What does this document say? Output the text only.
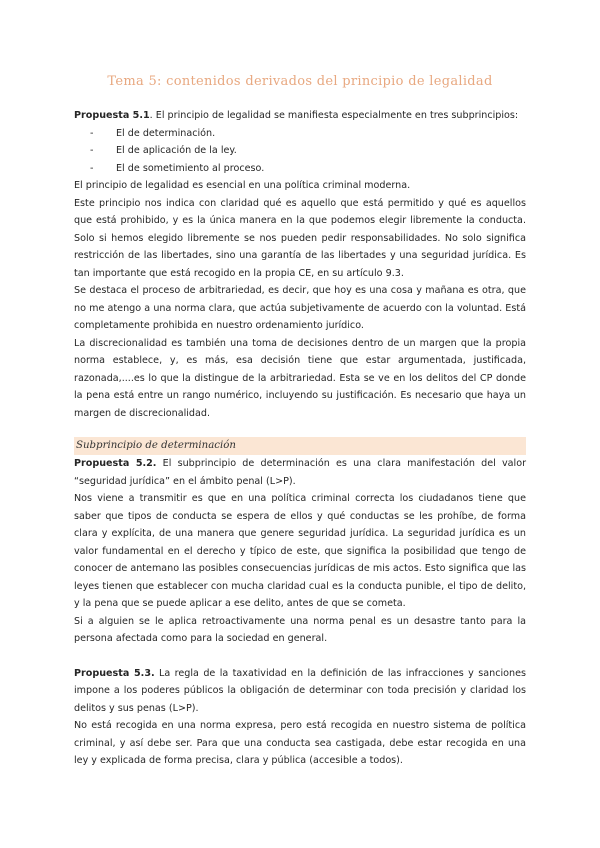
Tema 5: contenidos derivados del principio de legalidad

Propuesta 5.1. El principio de legalidad se manifiesta especialmente en tres subprincipios:

- El de determinación.
- El de aplicación de la ley.
- El de sometimiento al proceso.

El principio de legalidad es esencial en una política criminal moderna.

Este principio nos indica con claridad qué es aquello que está permitido y qué es aquellos que está prohibido, y es la única manera en la que podemos elegir libremente la conducta. Solo si hemos elegido libremente se nos pueden pedir responsabilidades. No solo significa restricción de las libertades, sino una garantía de las libertades y una seguridad jurídica. Es tan importante que está recogido en la propia CE, en su artículo 9.3.

Se destaca el proceso de arbitrariedad, es decir, que hoy es una cosa y mañana es otra, que no me atengo a una norma clara, que actúa subjetivamente de acuerdo con la voluntad. Está completamente prohibida en nuestro ordenamiento jurídico.

La discrecionalidad es también una toma de decisiones dentro de un margen que la propia norma establece, y, es más, esa decisión tiene que estar argumentada, justificada, razonada,....es lo que la distingue de la arbitrariedad. Esta se ve en los delitos del CP donde la pena está entre un rango numérico, incluyendo su justificación. Es necesario que haya un margen de discrecionalidad.

Subprincipio de determinación

Propuesta 5.2. El subprincipio de determinación es una clara manifestación del valor “seguridad jurídica” en el ámbito penal (L>P).

Nos viene a transmitir es que en una política criminal correcta los ciudadanos tiene que saber que tipos de conducta se espera de ellos y qué conductas se les prohíbe, de forma clara y explícita, de una manera que genere seguridad jurídica. La seguridad jurídica es un valor fundamental en el derecho y típico de este, que significa la posibilidad que tengo de conocer de antemano las posibles consecuencias jurídicas de mis actos. Esto significa que las leyes tienen que establecer con mucha claridad cual es la conducta punible, el tipo de delito, y la pena que se puede aplicar a ese delito, antes de que se cometa.

Si a alguien se le aplica retroactivamente una norma penal es un desastre tanto para la persona afectada como para la sociedad en general.

Propuesta 5.3. La regla de la taxatividad en la definición de las infracciones y sanciones impone a los poderes públicos la obligación de determinar con toda precisión y claridad los delitos y sus penas (L>P).

No está recogida en una norma expresa, pero está recogida en nuestro sistema de política criminal, y así debe ser. Para que una conducta sea castigada, debe estar recogida en una ley y explicada de forma precisa, clara y pública (accesible a todos).
